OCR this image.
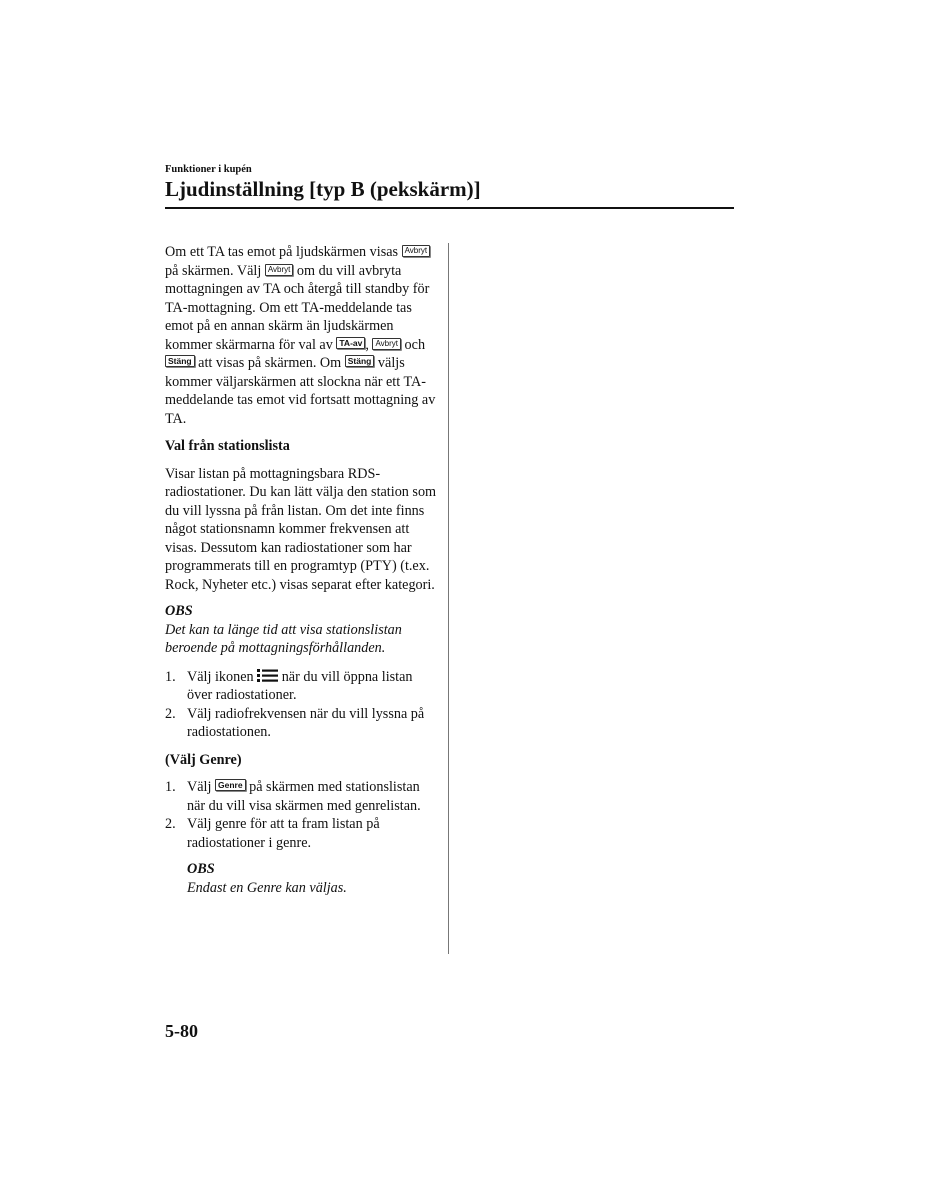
Funktioner i kupén
Ljudinställning [typ B (pekskärm)]

Om ett TA tas emot på ljudskärmen visas Avbryt på skärmen. Välj Avbryt om du vill avbryta mottagningen av TA och återgå till standby för TA-mottagning. Om ett TA-meddelande tas emot på en annan skärm än ljudskärmen kommer skärmarna för val av TA-av , Avbryt och Stäng att visas på skärmen. Om Stäng väljs kommer väljarskärmen att slockna när ett TA-meddelande tas emot vid fortsatt mottagning av TA.

Val från stationslista

Visar listan på mottagningsbara RDS-radiostationer. Du kan lätt välja den station som du vill lyssna på från listan. Om det inte finns något stationsnamn kommer frekvensen att visas. Dessutom kan radiostationer som har programmerats till en programtyp (PTY) (t.ex. Rock, Nyheter etc.) visas separat efter kategori.

OBS

Det kan ta länge tid att visa stationslistan beroende på mottagningsförhållanden.

1. Välj ikonen  när du vill öppna listan över radiostationer.
2. Välj radiofrekvensen när du vill lyssna på radiostationen.

(Välj Genre)

1. Välj Genre på skärmen med stationslistan när du vill visa skärmen med genrelistan.
2. Välj genre för att ta fram listan på radiostationer i genre.

OBS

Endast en Genre kan väljas.

5-80
